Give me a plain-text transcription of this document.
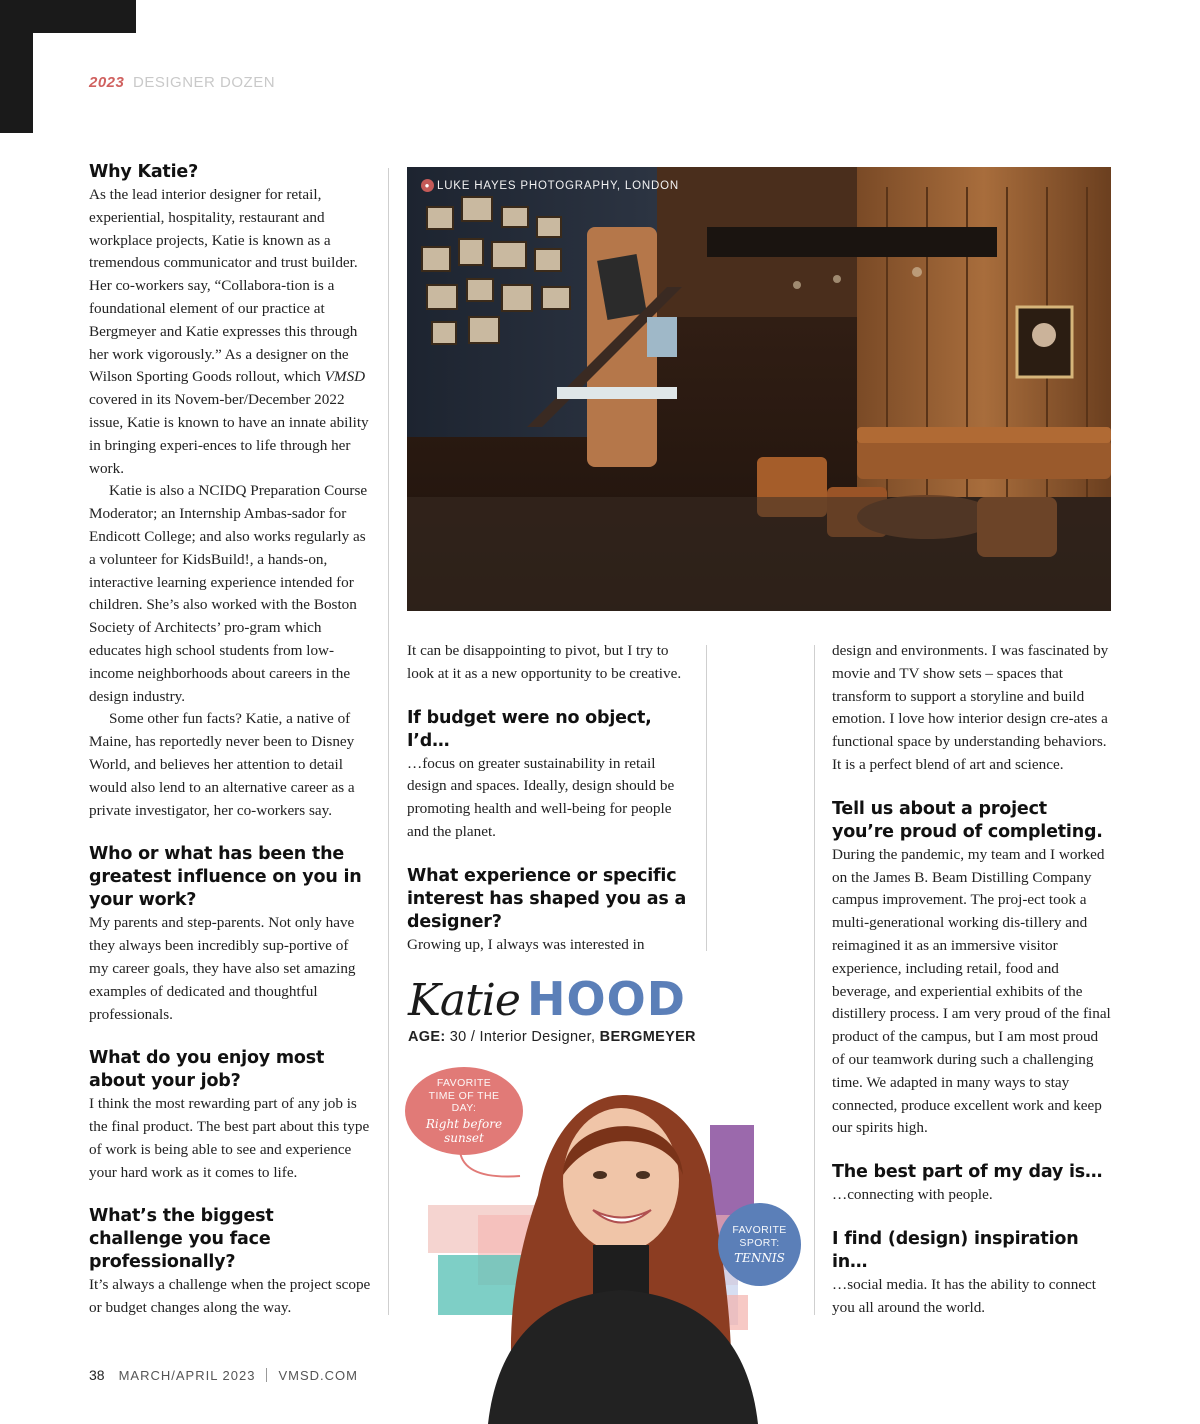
2023 DESIGNER DOZEN
Why Katie?

As the lead interior designer for retail, experiential, hospitality, restaurant and workplace projects, Katie is known as a tremendous communicator and trust builder. Her co-workers say, “Collabora-tion is a foundational element of our practice at Bergmeyer and Katie expresses this through her work vigorously.” As a designer on the Wilson Sporting Goods rollout, which VMSD covered in its Novem-ber/December 2022 issue, Katie is known to have an innate ability in bringing experi-ences to life through her work.

Katie is also a NCIDQ Preparation Course Moderator; an Internship Ambas-sador for Endicott College; and also works regularly as a volunteer for KidsBuild!, a hands-on, interactive learning experience intended for children. She’s also worked with the Boston Society of Architects’ pro-gram which educates high school students from low-income neighborhoods about careers in the design industry.

Some other fun facts? Katie, a native of Maine, has reportedly never been to Disney World, and believes her attention to detail would also lend to an alternative career as a private investigator, her co-workers say.

Who or what has been the greatest influence on you in your work?

My parents and step-parents. Not only have they always been incredibly sup-portive of my career goals, they have also set amazing examples of dedicated and thoughtful professionals.

What do you enjoy most about your job?

I think the most rewarding part of any job is the final product. The best part about this type of work is being able to see and experience your hard work as it comes to life.

What’s the biggest challenge you face professionally?

It’s always a challenge when the project scope or budget changes along the way.

● LUKE HAYES PHOTOGRAPHY, LONDON

It can be disappointing to pivot, but I try to look at it as a new opportunity to be creative.

If budget were no object, I’d…

…focus on greater sustainability in retail design and spaces. Ideally, design should be promoting health and well-being for people and the planet.

What experience or specific interest has shaped you as a designer?

Growing up, I always was interested in

design and environments. I was fascinated by movie and TV show sets – spaces that transform to support a storyline and build emotion. I love how interior design cre-ates a functional space by understanding behaviors. It is a perfect blend of art and science.

Tell us about a project you’re proud of completing.

During the pandemic, my team and I worked on the James B. Beam Distilling Company campus improvement. The proj-ect took a multi-generational working dis-tillery and reimagined it as an immersive visitor experience, including retail, food and beverage, and experiential exhibits of the distillery process. I am very proud of the final product of the campus, but I am most proud of our teamwork during such a challenging time. We adapted in many ways to stay connected, produce excellent work and keep our spirits high.

The best part of my day is…

…connecting with people.

I find (design) inspiration in…

…social media. It has the ability to connect you all around the world.

Katie HOOD
AGE: 30 / Interior Designer, BERGMEYER
FAVORITE TIME OF THE DAY:
Right before sunset
FAVORITE SPORT:
TENNIS
38 MARCH/APRIL 2023 VMSD.COM
